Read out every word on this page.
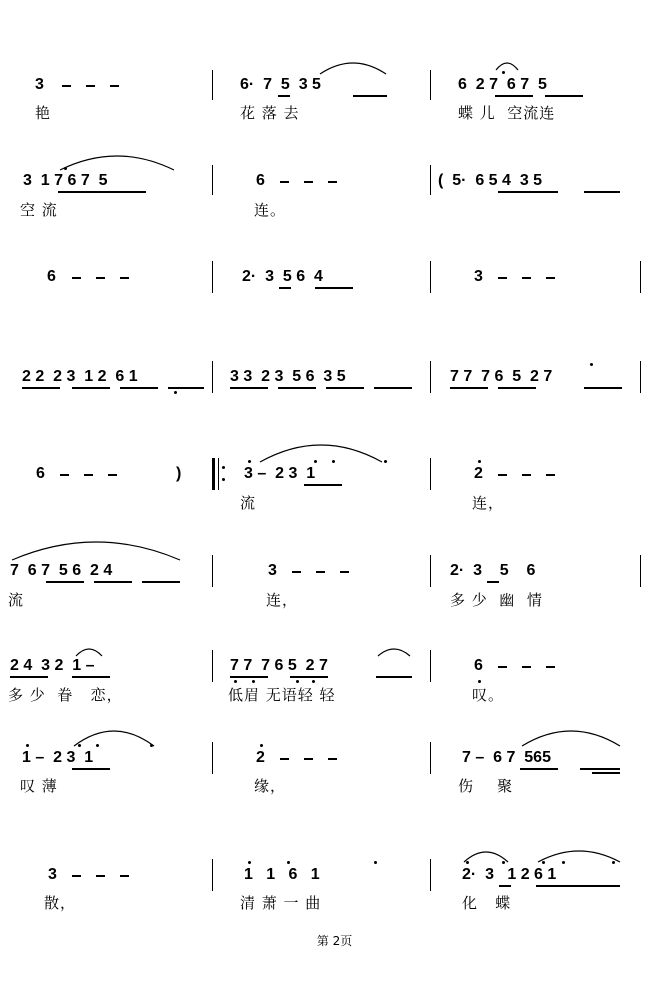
3
艳
6·  7  5  3 5
花 落 去
6  2 7  6 7  5
蝶 儿  空流连
3  1 7 6 7  5
空 流
6
连。
(  5·  6 5 4  3 5
6	2·  3  5 6  4	3
2 2  2 3  1 2  6 1	3 3  2 3  5 6  3 5	7 7  7 6  5  2 7
6	)	3 –  2 3  1
流
2
连，
7  6 7  5 6  2 4
流
3
连，
2·  3    5    6
多 少  幽  情
2 4  3 2  1 –
多 少  眷   恋，
7 7  7 6 5  2 7
低眉 无语轻 轻
6
叹。
1 –  2 3  1
叹 薄
2
缘，
7 –  6 7  565
伤    聚
3
散，
1   1   6   1
清 萧 一 曲
2·  3   1 2 6 1
化   蝶
第 2页
